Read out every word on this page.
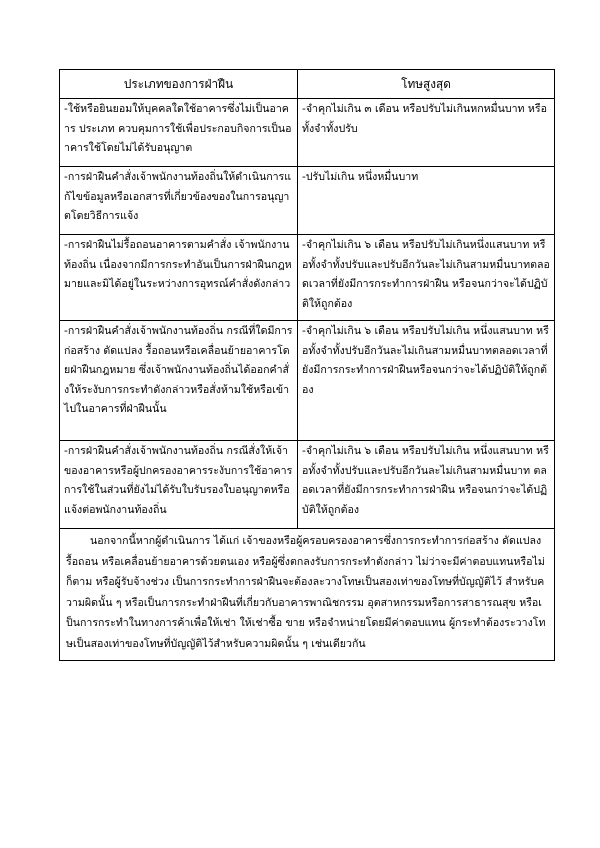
ประเภทของการฝ่าฝืน	โทษสูงสุด
-ใช้หรือยินยอมให้บุคคลใดใช้อาคารซึ่งไม่เป็นอาคาร ประเภท ควบคุมการใช้เพื่อประกอบกิจการเป็นอาคารใช้โดยไม่ได้รับอนุญาต	-จำคุกไม่เกิน ๓ เดือน หรือปรับไม่เกินหกหมื่นบาท หรือทั้งจำทั้งปรับ
-การฝ่าฝืนคำสั่งเจ้าพนักงานท้องถิ่นให้ดำเนินการแก้ไขข้อมูลหรือเอกสารที่เกี่ยวข้องของในการอนุญาตโดยวิธีการแจ้ง	-ปรับไม่เกิน หนึ่งหมื่นบาท
-การฝ่าฝืนไม่รื้อถอนอาคารตามคำสั่ง เจ้าพนักงานท้องถิ่น เนื่องจากมีการกระทำอันเป็นการฝ่าฝืนกฎหมายและมิได้อยู่ในระหว่างการอุทรณ์คำสั่งดังกล่าว	-จำคุกไม่เกิน ๖ เดือน หรือปรับไม่เกินหนึ่งแสนบาท หรือทั้งจำทั้งปรับและปรับอีกวันละไม่เกินสามหมื่นบาทตลอดเวลาที่ยังมีการกระทำการฝ่าฝืน หรือจนกว่าจะได้ปฏิบัติให้ถูกต้อง
-การฝ่าฝืนคำสั่งเจ้าพนักงานท้องถิ่น กรณีที่ใดมีการก่อสร้าง ดัดแปลง รื้อถอนหรือเคลื่อนย้ายอาคารโดยฝ่าฝืนกฎหมาย ซึ่งเจ้าพนักงานท้องถิ่นได้ออกคำสั่งให้ระงับการกระทำดังกล่าวหรือสั่งห้ามใช้หรือเข้าไปในอาคารที่ฝ่าฝืนนั้น	-จำคุกไม่เกิน ๖ เดือน หรือปรับไม่เกิน หนึ่งแสนบาท หรือทั้งจำทั้งปรับอีกวันละไม่เกินสามหมื่นบาทตลอดเวลาที่ยังมีการกระทำการฝ่าฝืนหรือจนกว่าจะได้ปฏิบัติให้ถูกต้อง
-การฝ่าฝืนคำสั่งเจ้าพนักงานท้องถิ่น กรณีสั่งให้เจ้าของอาคารหรือผู้ปกครองอาคารระงับการใช้อาคาร การใช้ในส่วนที่ยังไม่ได้รับใบรับรองใบอนุญาตหรือแจ้งต่อพนักงานท้องถิ่น	-จำคุกไม่เกิน ๖ เดือน หรือปรับไม่เกิน หนึ่งแสนบาท หรือทั้งจำทั้งปรับและปรับอีกวันละไม่เกินสามหมื่นบาท ตลอดเวลาที่ยังมีการกระทำการฝ่าฝืน หรือจนกว่าจะได้ปฏิบัติให้ถูกต้อง
นอกจากนี้หากผู้ดำเนินการ ได้แก่ เจ้าของหรือผู้ครอบครองอาคารซึ่งการกระทำการก่อสร้าง ดัดแปลง รื้อถอน หรือเคลื่อนย้ายอาคารด้วยตนเอง หรือผู้ซึ่งตกลงรับการกระทำดังกล่าว ไม่ว่าจะมีค่าตอบแทนหรือไม่ก็ตาม หรือผู้รับจ้างช่วง เป็นการกระทำการฝ่าฝืนจะต้องละวางโทษเป็นสองเท่าของโทษที่บัญญัติไว้ สำหรับความผิดนั้น ๆ หรือเป็นการกระทำฝ่าฝืนที่เกี่ยวกับอาคารพาณิชกรรม อุตสาหกรรมหรือการสาธารณสุข หรือเป็นการกระทำในทางการค้าเพื่อให้เช่า ให้เช่าซื้อ ขาย หรือจำหน่ายโดยมีค่าตอบแทน ผู้กระทำต้องระวางโทษเป็นสองเท่าของโทษที่บัญญัติไว้สำหรับความผิดนั้น ๆ เช่นเดียวกัน	
